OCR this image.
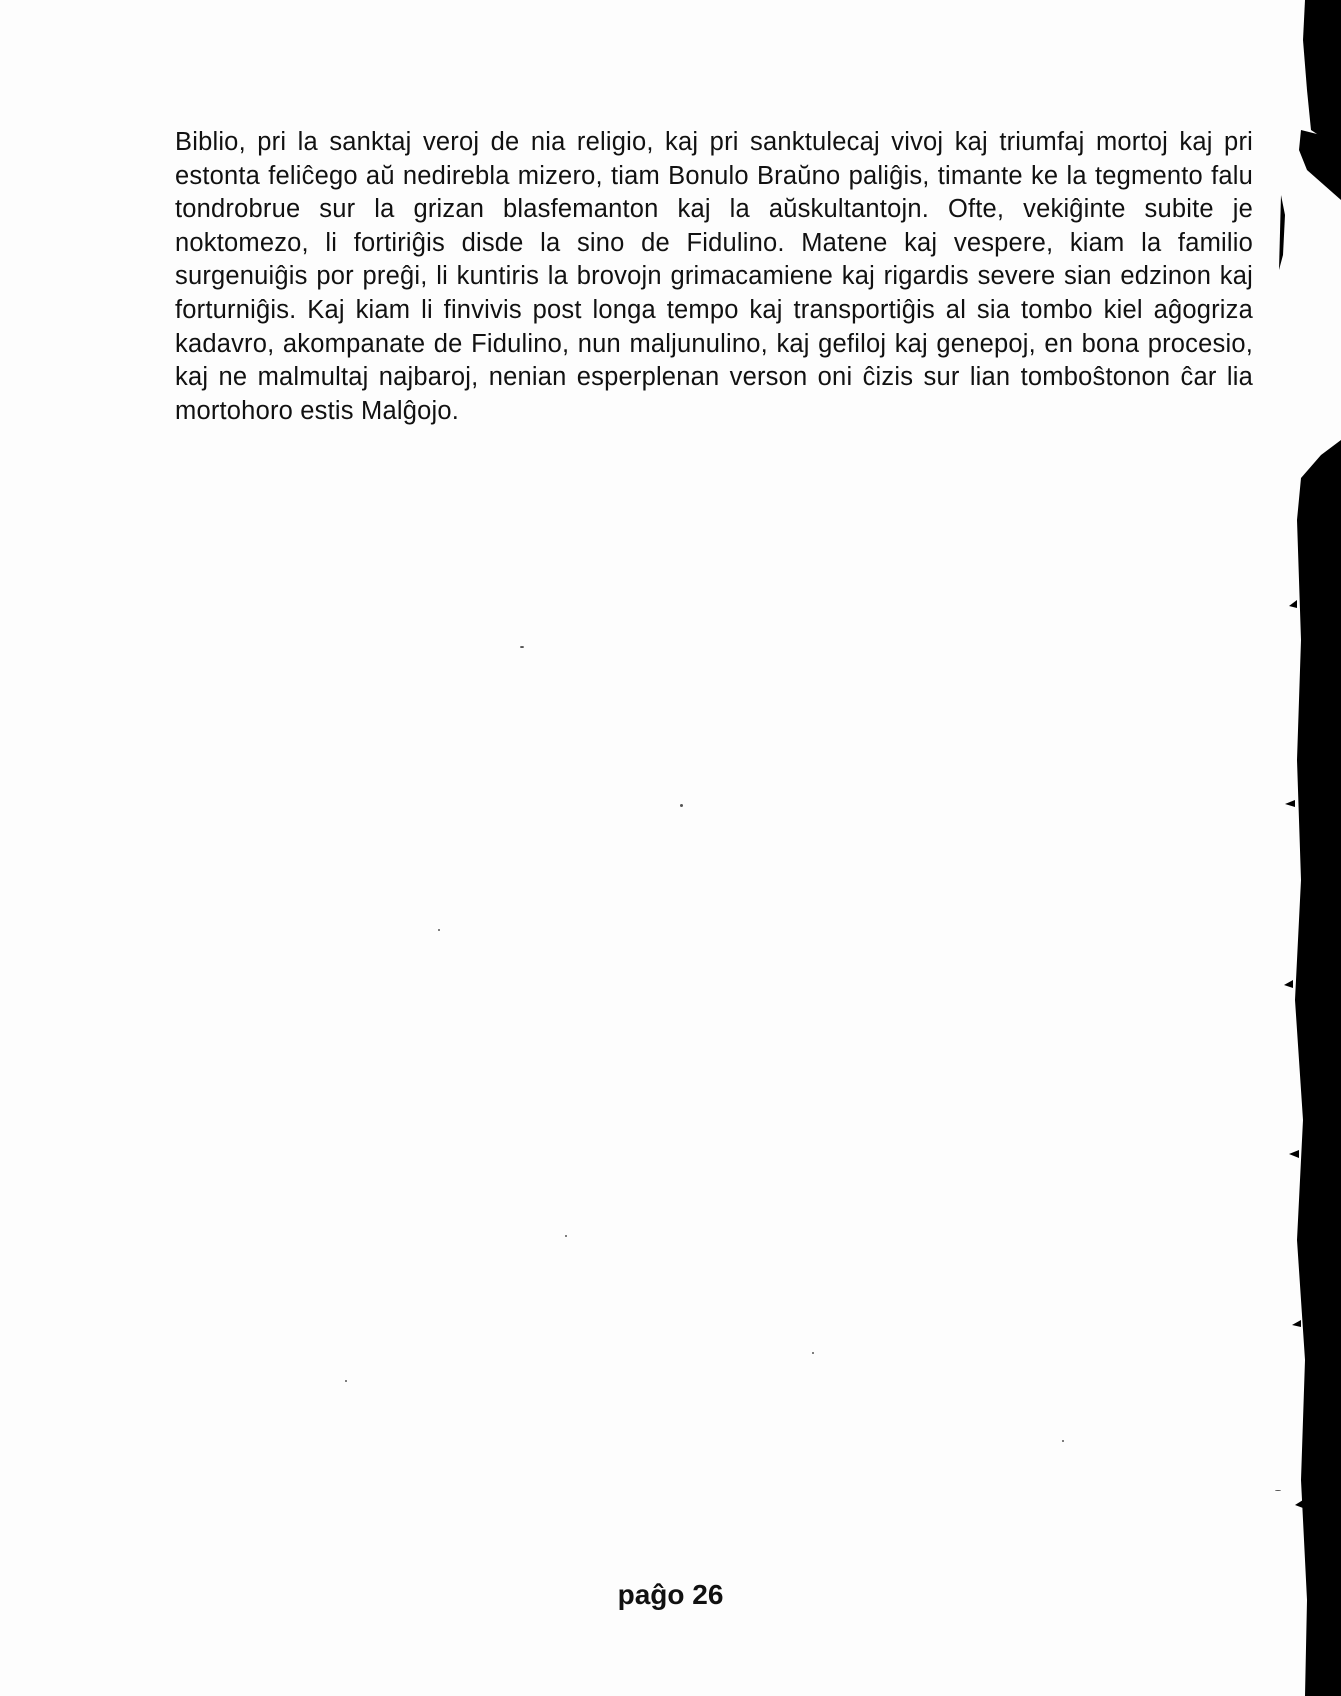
Biblio, pri la sanktaj veroj de nia religio, kaj pri sanktulecaj vivoj kaj triumfaj mortoj kaj pri estonta feliĉego aŭ nedirebla mizero, tiam Bonulo Braŭno paliĝis, timante ke la tegmento falu tondrobrue sur la grizan blasfemanton kaj la aŭskultantojn. Ofte, vekiĝinte subite je noktomezo, li fortiriĝis disde la sino de Fidulino. Matene kaj vespere, kiam la familio surgenuiĝis por preĝi, li kuntiris la brovojn grimacamiene kaj rigardis severe sian edzinon kaj forturniĝis. Kaj kiam li finvivis post longa tempo kaj transportiĝis al sia tombo kiel aĝogriza kadavro, akompanate de Fidulino, nun maljunulino, kaj gefiloj kaj genepoj, en bona procesio, kaj ne malmultaj najbaroj, nenian esperplenan verson oni ĉizis sur lian tomboŝtonon ĉar lia mortohoro estis Malĝojo.

paĝo 26
